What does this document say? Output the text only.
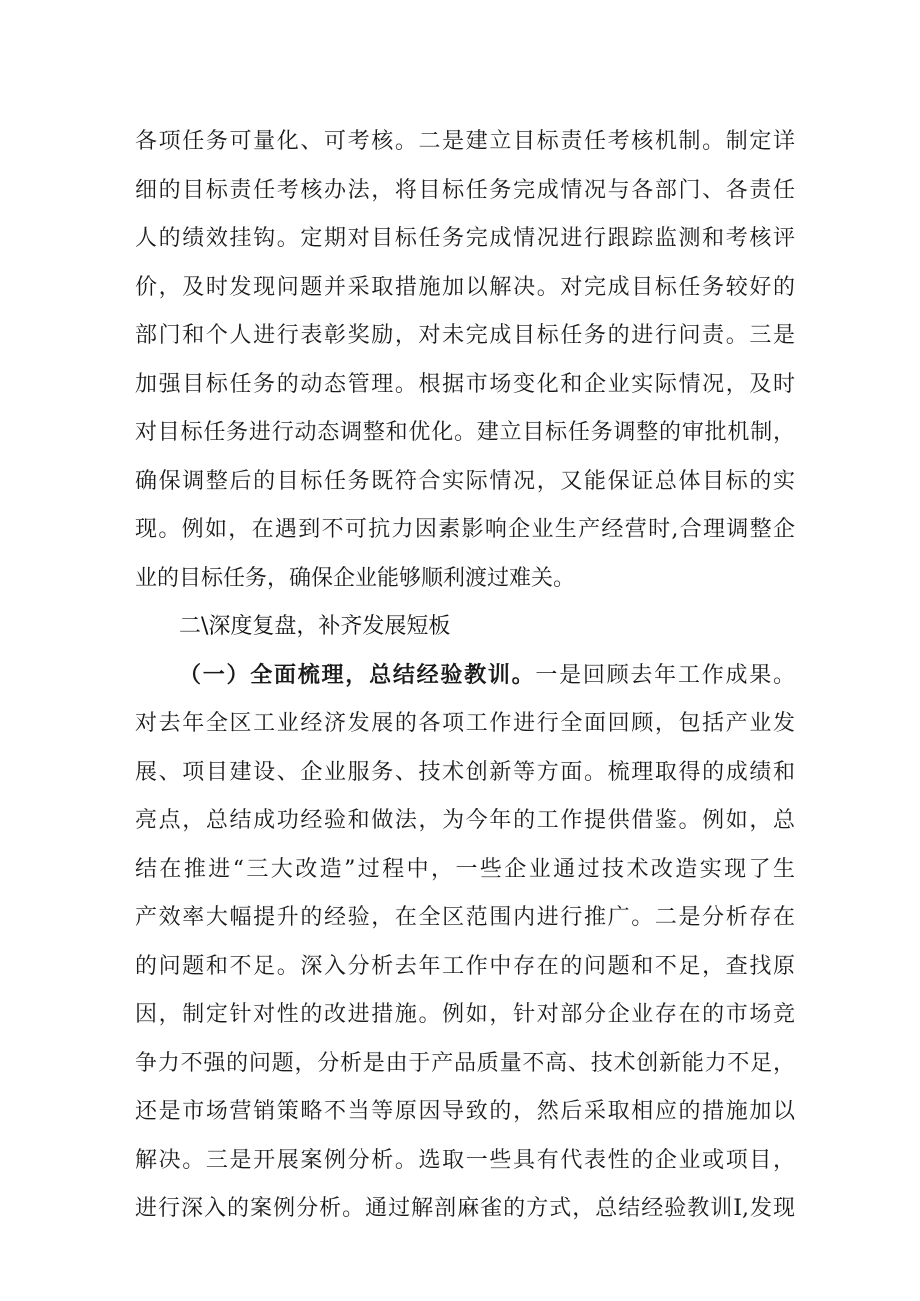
各项任务可量化、可考核。二是建立目标责任考核机制。制定详
细的目标责任考核办法，将目标任务完成情况与各部门、各责任
人的绩效挂钩。定期对目标任务完成情况进行跟踪监测和考核评
价，及时发现问题并采取措施加以解决。对完成目标任务较好的
部门和个人进行表彰奖励，对未完成目标任务的进行问责。三是
加强目标任务的动态管理。根据市场变化和企业实际情况，及时
对目标任务进行动态调整和优化。建立目标任务调整的审批机制，
确保调整后的目标任务既符合实际情况，又能保证总体目标的实
现。例如，在遇到不可抗力因素影响企业生产经营时,合理调整企
业的目标任务，确保企业能够顺利渡过难关。
二\深度复盘，补齐发展短板
（一）全面梳理，总结经验教训。一是回顾去年工作成果。
对去年全区工业经济发展的各项工作进行全面回顾，包括产业发
展、项目建设、企业服务、技术创新等方面。梳理取得的成绩和
亮点，总结成功经验和做法，为今年的工作提供借鉴。例如，总
结在推进“三大改造”过程中，一些企业通过技术改造实现了生
产效率大幅提升的经验，在全区范围内进行推广。二是分析存在
的问题和不足。深入分析去年工作中存在的问题和不足，查找原
因，制定针对性的改进措施。例如，针对部分企业存在的市场竞
争力不强的问题，分析是由于产品质量不高、技术创新能力不足，
还是市场营销策略不当等原因导致的，然后采取相应的措施加以
解决。三是开展案例分析。选取一些具有代表性的企业或项目，
进行深入的案例分析。通过解剖麻雀的方式，总结经验教训I,发现
